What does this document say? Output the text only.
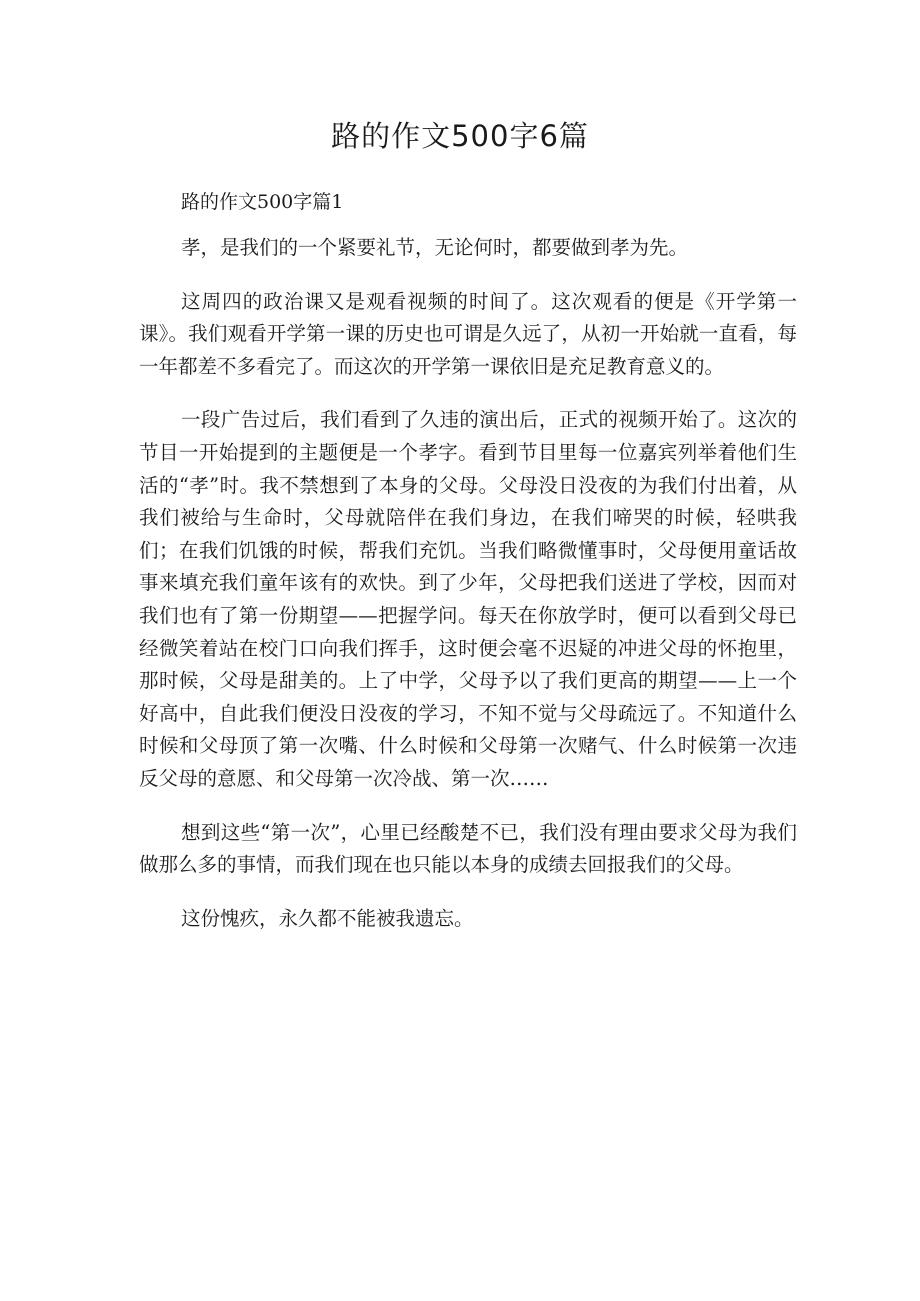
路的作文500字6篇
路的作文500字篇1

孝，是我们的一个紧要礼节，无论何时，都要做到孝为先。

这周四的政治课又是观看视频的时间了。这次观看的便是《开学第一课》。我们观看开学第一课的历史也可谓是久远了，从初一开始就一直看，每一年都差不多看完了。而这次的开学第一课依旧是充足教育意义的。

一段广告过后，我们看到了久违的演出后，正式的视频开始了。这次的节目一开始提到的主题便是一个孝字。看到节目里每一位嘉宾列举着他们生活的“孝”时。我不禁想到了本身的父母。父母没日没夜的为我们付出着，从我们被给与生命时，父母就陪伴在我们身边，在我们啼哭的时候，轻哄我们；在我们饥饿的时候，帮我们充饥。当我们略微懂事时，父母便用童话故事来填充我们童年该有的欢快。到了少年，父母把我们送进了学校，因而对我们也有了第一份期望——把握学问。每天在你放学时，便可以看到父母已经微笑着站在校门口向我们挥手，这时便会毫不迟疑的冲进父母的怀抱里，那时候，父母是甜美的。上了中学，父母予以了我们更高的期望——上一个好高中，自此我们便没日没夜的学习，不知不觉与父母疏远了。不知道什么时候和父母顶了第一次嘴、什么时候和父母第一次赌气、什么时候第一次违反父母的意愿、和父母第一次冷战、第一次……

想到这些“第一次”，心里已经酸楚不已，我们没有理由要求父母为我们做那么多的事情，而我们现在也只能以本身的成绩去回报我们的父母。

这份愧疚，永久都不能被我遗忘。
